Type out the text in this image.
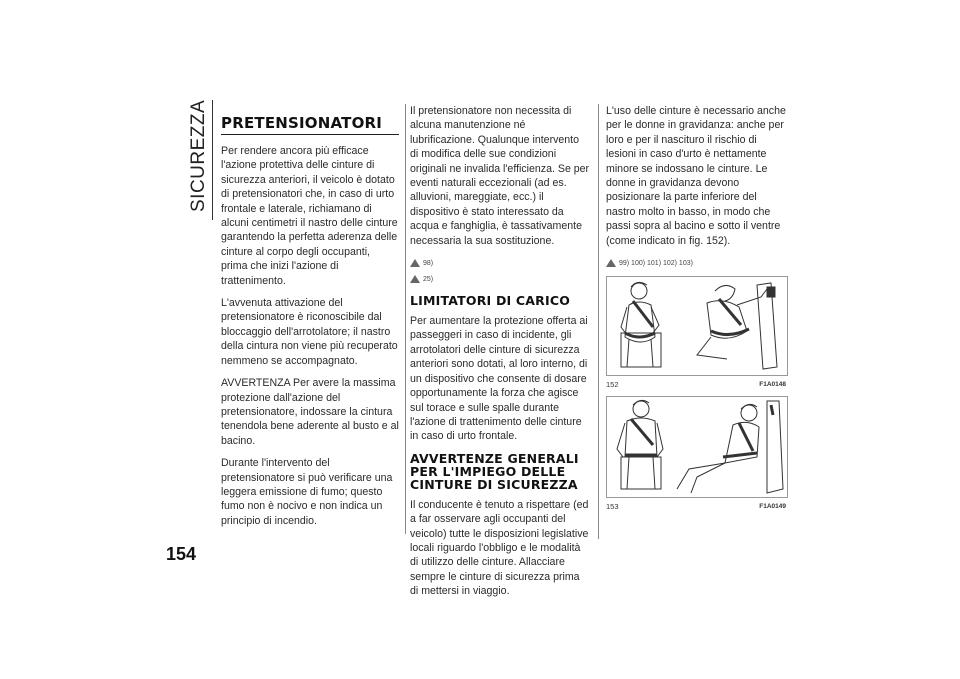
SICUREZZA
154
PRETENSIONATORI

Per rendere ancora più efficace l'azione protettiva delle cinture di sicurezza anteriori, il veicolo è dotato di pretensionatori che, in caso di urto frontale e laterale, richiamano di alcuni centimetri il nastro delle cinture garantendo la perfetta aderenza delle cinture al corpo degli occupanti, prima che inizi l'azione di trattenimento.

L'avvenuta attivazione del pretensionatore è riconoscibile dal bloccaggio dell'arrotolatore; il nastro della cintura non viene più recuperato nemmeno se accompagnato.

AVVERTENZA Per avere la massima protezione dall'azione del pretensionatore, indossare la cintura tenendola bene aderente al busto e al bacino.

Durante l'intervento del pretensionatore si può verificare una leggera emissione di fumo; questo fumo non è nocivo e non indica un principio di incendio.

Il pretensionatore non necessita di alcuna manutenzione né lubrificazione. Qualunque intervento di modifica delle sue condizioni originali ne invalida l'efficienza. Se per eventi naturali eccezionali (ad es. alluvioni, mareggiate, ecc.) il dispositivo è stato interessato da acqua e fanghiglia, è tassativamente necessaria la sua sostituzione.

98)
25)
LIMITATORI DI CARICO

Per aumentare la protezione offerta ai passeggeri in caso di incidente, gli arrotolatori delle cinture di sicurezza anteriori sono dotati, al loro interno, di un dispositivo che consente di dosare opportunamente la forza che agisce sul torace e sulle spalle durante l'azione di trattenimento delle cinture in caso di urto frontale.

AVVERTENZE GENERALI PER L'IMPIEGO DELLE CINTURE DI SICUREZZA

Il conducente è tenuto a rispettare (ed a far osservare agli occupanti del veicolo) tutte le disposizioni legislative locali riguardo l'obbligo e le modalità di utilizzo delle cinture. Allacciare sempre le cinture di sicurezza prima di mettersi in viaggio.

L'uso delle cinture è necessario anche per le donne in gravidanza: anche per loro e per il nascituro il rischio di lesioni in caso d'urto è nettamente minore se indossano le cinture. Le donne in gravidanza devono posizionare la parte inferiore del nastro molto in basso, in modo che passi sopra al bacino e sotto il ventre (come indicato in fig. 152).

99) 100) 101) 102) 103)
152	F1A0148
153	F1A0149
